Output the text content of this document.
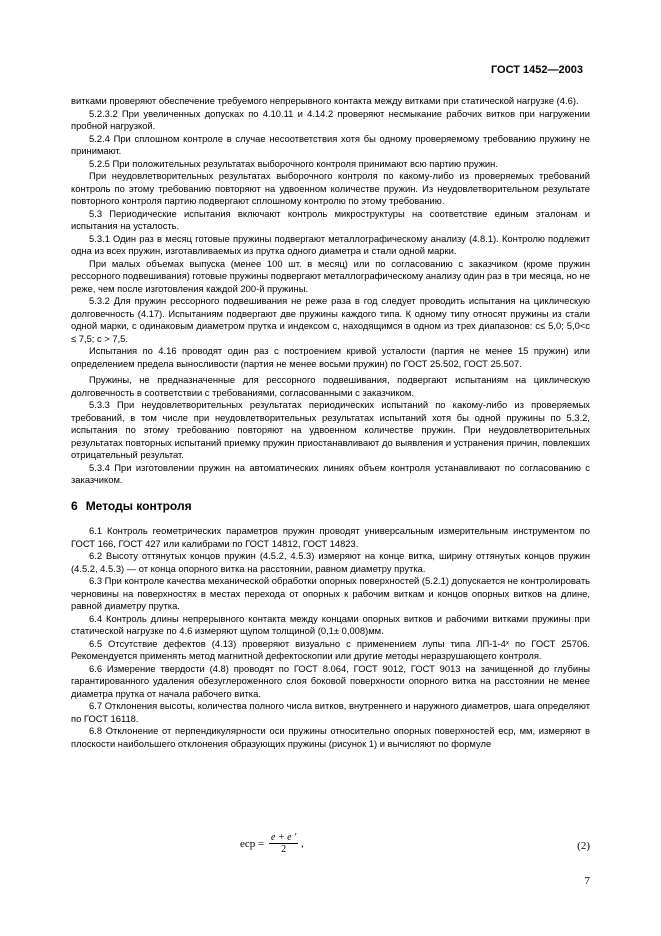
ГОСТ 1452—2003

витками проверяют обеспечение требуемого непрерывного контакта между витками при статической нагрузке (4.6).

5.2.3.2 При увеличенных допусках по 4.10.11 и 4.14.2 проверяют несмыкание рабочих витков при нагружении пробной нагрузкой.

5.2.4 При сплошном контроле в случае несоответствия хотя бы одному проверяемому требованию пружину не принимают.

5.2.5 При положительных результатах выборочного контроля принимают всю партию пружин.

При неудовлетворительных результатах выборочного контроля по какому-либо из проверяемых требований контроль по этому требованию повторяют на удвоенном количестве пружин. Из неудовлетворительном результате повторного контроля партию подвергают сплошному контролю по этому требованию.

5.3 Периодические испытания включают контроль микроструктуры на соответствие единым эталонам и испытания на усталость.

5.3.1 Один раз в месяц готовые пружины подвергают металлографическому анализу (4.8.1). Контролю подлежит одна из всех пружин, изготавливаемых из прутка одного диаметра и стали одной марки.

При малых объемах выпуска (менее 100 шт. в месяц) или по согласованию с заказчиком (кроме пружин рессорного подвешивания) готовые пружины подвергают металлографическому анализу один раз в три месяца, но не реже, чем после изготовления каждой 200-й пружины.

5.3.2 Для пружин рессорного подвешивания не реже раза в год следует проводить испытания на циклическую долговечность (4.17). Испытаниям подвергают две пружины каждого типа. К одному типу относят пружины из стали одной марки, с одинаковым диаметром прутка и индексом с, находящимся в одном из трех диапазонов: с≤ 5,0; 5,0<с ≤ 7,5; с > 7,5.

Испытания по 4.16 проводят один раз с построением кривой усталости (партия не менее 15 пружин) или определением предела выносливости (партия не менее восьми пружин) по ГОСТ 25.502, ГОСТ 25.507.

Пружины, не предназначенные для рессорного подвешивания, подвергают испытаниям на циклическую долговечность в соответствии с требованиями, согласованными с заказчиком.

5.3.3 При неудовлетворительных результатах периодических испытаний по какому-либо из проверяемых требований, в том числе при неудовлетворительных результатах испытаний хотя бы одной пружины по 5.3.2, испытания по этому требованию повторяют на удвоенном количестве пружин. При неудовлетворительных результатах повторных испытаний приемку пружин приостанавливают до выявления и устранения причин, повлекших отрицательный результат.

5.3.4 При изготовлении пружин на автоматических линиях объем контроля устанавливают по согласованию с заказчиком.

6 Методы контроля

6.1 Контроль геометрических параметров пружин проводят универсальным измерительным инструментом по ГОСТ 166, ГОСТ 427 или калибрами по ГОСТ 14812, ГОСТ 14823.

6.2 Высоту оттянутых концов пружин (4.5.2, 4.5.3) измеряют на конце витка, ширину оттянутых концов пружин (4.5.2, 4.5.3) — от конца опорного витка на расстоянии, равном диаметру прутка.

6.3 При контроле качества механической обработки опорных поверхностей (5.2.1) допускается не контролировать черновины на поверхностях в местах перехода от опорных к рабочим виткам и концов опорных витков на длине, равной диаметру прутка.

6.4 Контроль длины непрерывного контакта между концами опорных витков и рабочими витками пружины при статической нагрузке по 4.6 измеряют щупом толщиной (0,1± 0,008)мм.

6.5 Отсутствие дефектов (4.13) проверяют визуально с применением лупы типа ЛП-1-4ˣ по ГОСТ 25706. Рекомендуется применять метод магнитной дефектоскопии или другие методы неразрушающего контроля.

6.6 Измерение твердости (4.8) проводят по ГОСТ 8.064, ГОСТ 9012, ГОСТ 9013 на зачищенной до глубины гарантированного удаления обезуглероженного слоя боковой поверхности опорного витка на расстоянии не менее диаметра прутка от начала рабочего витка.

6.7 Отклонения высоты, количества полного числа витков, внутреннего и наружного диаметров, шага определяют по ГОСТ 16118.

6.8 Отклонение от перпендикулярности оси пружины относительно опорных поверхностей eср, мм, измеряют в плоскости наибольшего отклонения образующих пружины (рисунок 1) и вычисляют по формуле

eср = $\frac{e + e '}{2}$ ,	(2)
7
